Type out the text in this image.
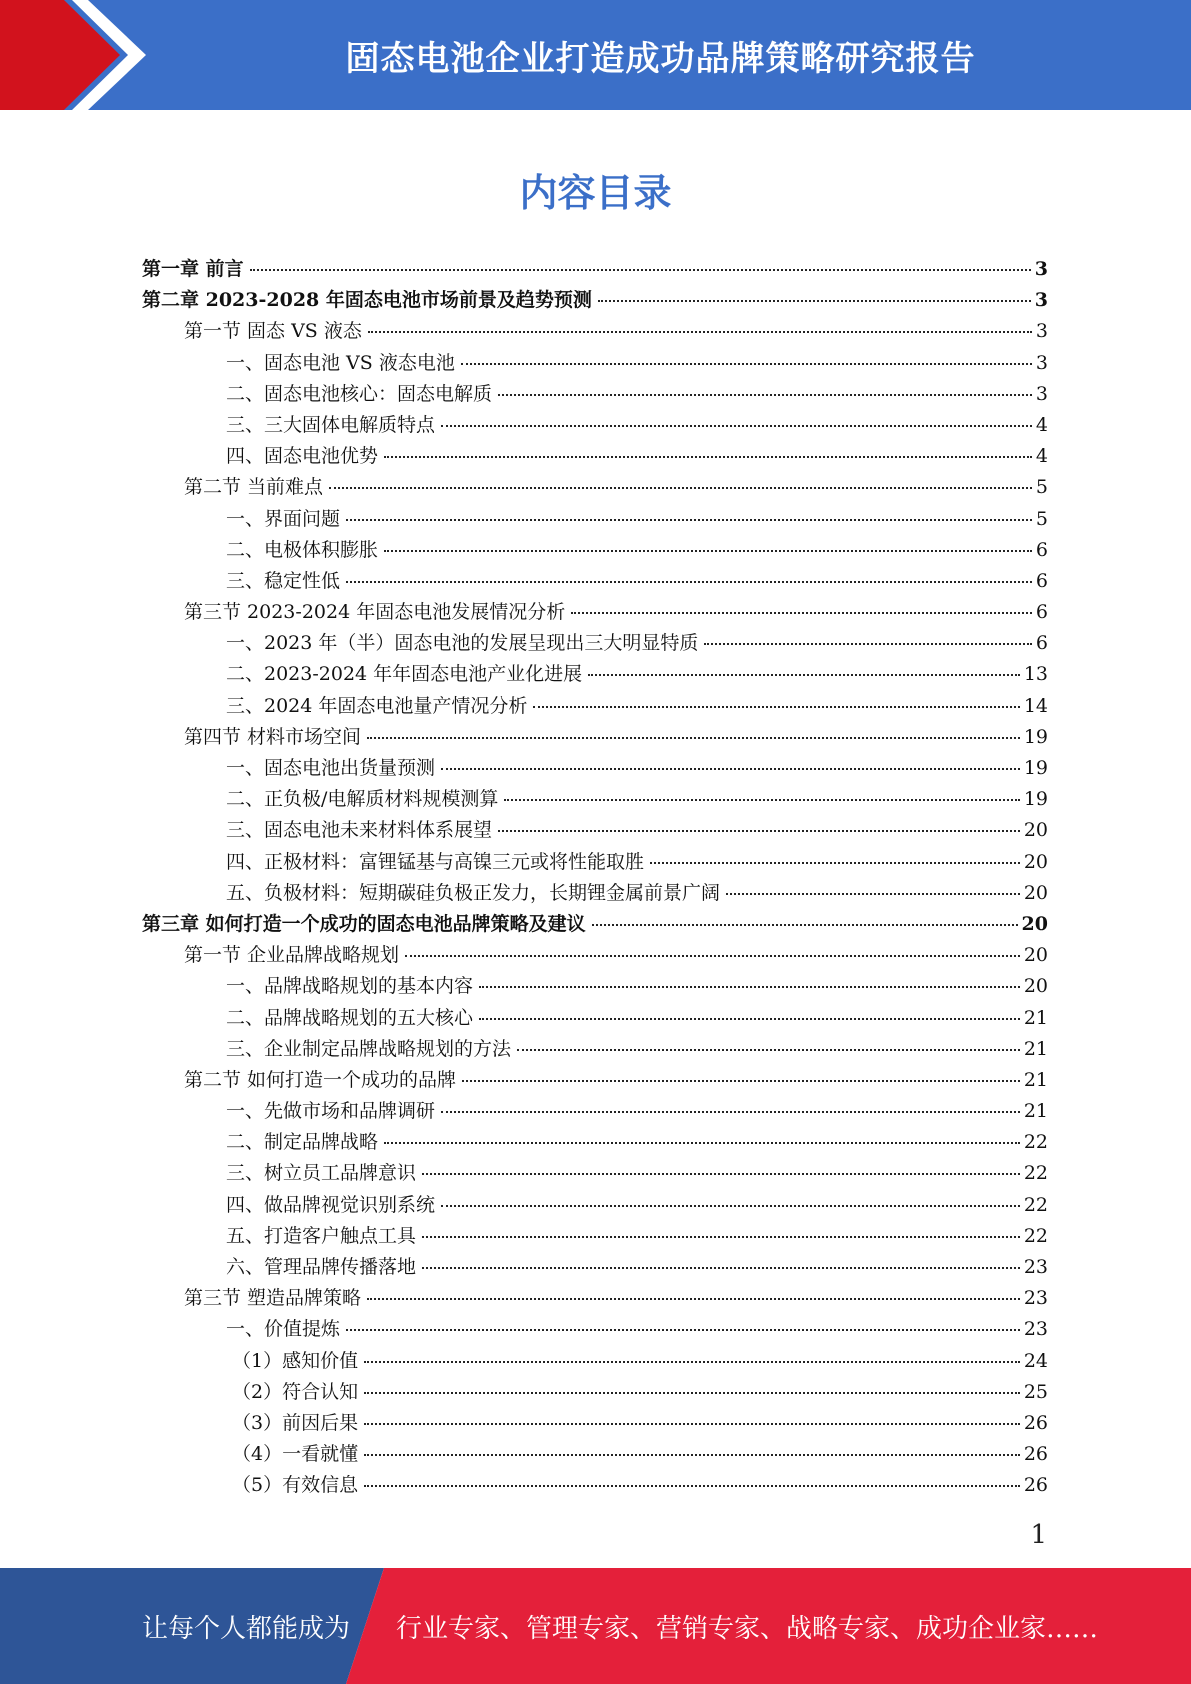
固态电池企业打造成功品牌策略研究报告
内容目录
第一章 前言	3
第二章 2023-2028 年固态电池市场前景及趋势预测	3
第一节 固态 VS 液态	3
一、固态电池 VS 液态电池	3
二、固态电池核心：固态电解质	3
三、三大固体电解质特点	4
四、固态电池优势	4
第二节 当前难点	5
一、界面问题	5
二、电极体积膨胀	6
三、稳定性低	6
第三节 2023-2024 年固态电池发展情况分析	6
一、2023 年（半）固态电池的发展呈现出三大明显特质	6
二、2023-2024 年年固态电池产业化进展	13
三、2024 年固态电池量产情况分析	14
第四节 材料市场空间	19
一、固态电池出货量预测	19
二、正负极/电解质材料规模测算	19
三、固态电池未来材料体系展望	20
四、正极材料：富锂锰基与高镍三元或将性能取胜	20
五、负极材料：短期碳硅负极正发力，长期锂金属前景广阔	20
第三章 如何打造一个成功的固态电池品牌策略及建议	20
第一节 企业品牌战略规划	20
一、品牌战略规划的基本内容	20
二、品牌战略规划的五大核心	21
三、企业制定品牌战略规划的方法	21
第二节 如何打造一个成功的品牌	21
一、先做市场和品牌调研	21
二、制定品牌战略	22
三、树立员工品牌意识	22
四、做品牌视觉识别系统	22
五、打造客户触点工具	22
六、管理品牌传播落地	23
第三节 塑造品牌策略	23
一、价值提炼	23
（1）感知价值	24
（2）符合认知	25
（3）前因后果	26
（4）一看就懂	26
（5）有效信息	26
1
让每个人都能成为 行业专家、管理专家、营销专家、战略专家、成功企业家……
